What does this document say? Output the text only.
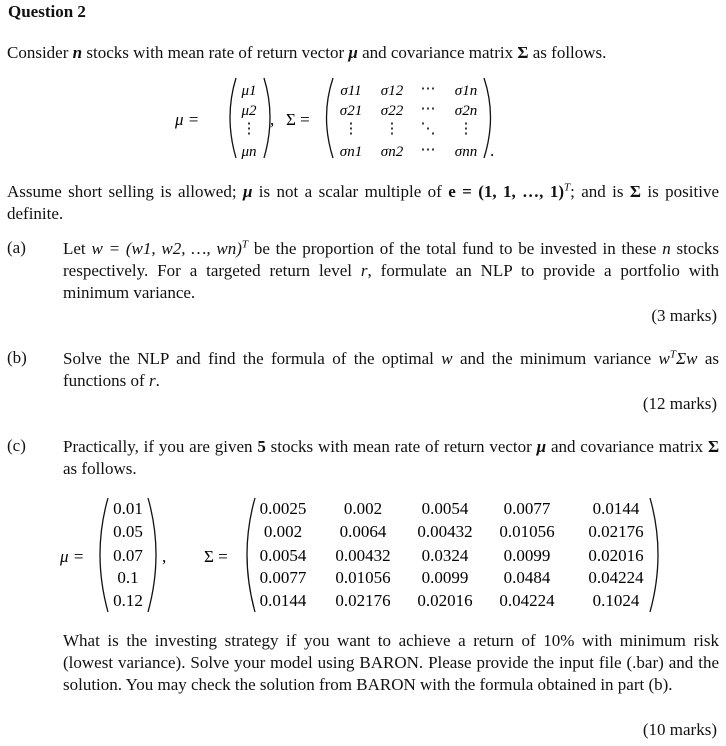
Question 2
Consider n stocks with mean rate of return vector μ and covariance matrix Σ as follows.
μ =
μ1
μ2
⋮
μn
, Σ =
σ11 σ12 ⋯ σ1n
σ21 σ22 ⋯ σ2n
⋮ ⋮ ⋱ ⋮
σn1 σn2 ⋯ σnn .
Assume short selling is allowed; μ is not a scalar multiple of e = (1, 1, …, 1)$^T$; and is Σ is positive definite.
(a) Let w = (w1, w2, …, wn)$^T$ be the proportion of the total fund to be invested in these n stocks respectively. For a targeted return level r, formulate an NLP to provide a portfolio with minimum variance.
(3 marks)
(b) Solve the NLP and find the formula of the optimal w and the minimum variance $w^T\Sigma w$ as functions of r.
(12 marks)
(c) Practically, if you are given 5 stocks with mean rate of return vector μ and covariance matrix Σ as follows.
μ =
0.01
0.05
0.07
0.1
0.12
, Σ =
0.0025 0.002 0.0054 0.0077 0.0144
0.002 0.0064 0.00432 0.01056 0.02176
0.0054 0.00432 0.0324 0.0099 0.02016
0.0077 0.01056 0.0099 0.0484 0.04224
0.0144 0.02176 0.02016 0.04224 0.1024
What is the investing strategy if you want to achieve a return of 10% with minimum risk (lowest variance). Solve your model using BARON. Please provide the input file (.bar) and the solution. You may check the solution from BARON with the formula obtained in part (b).
(10 marks)
